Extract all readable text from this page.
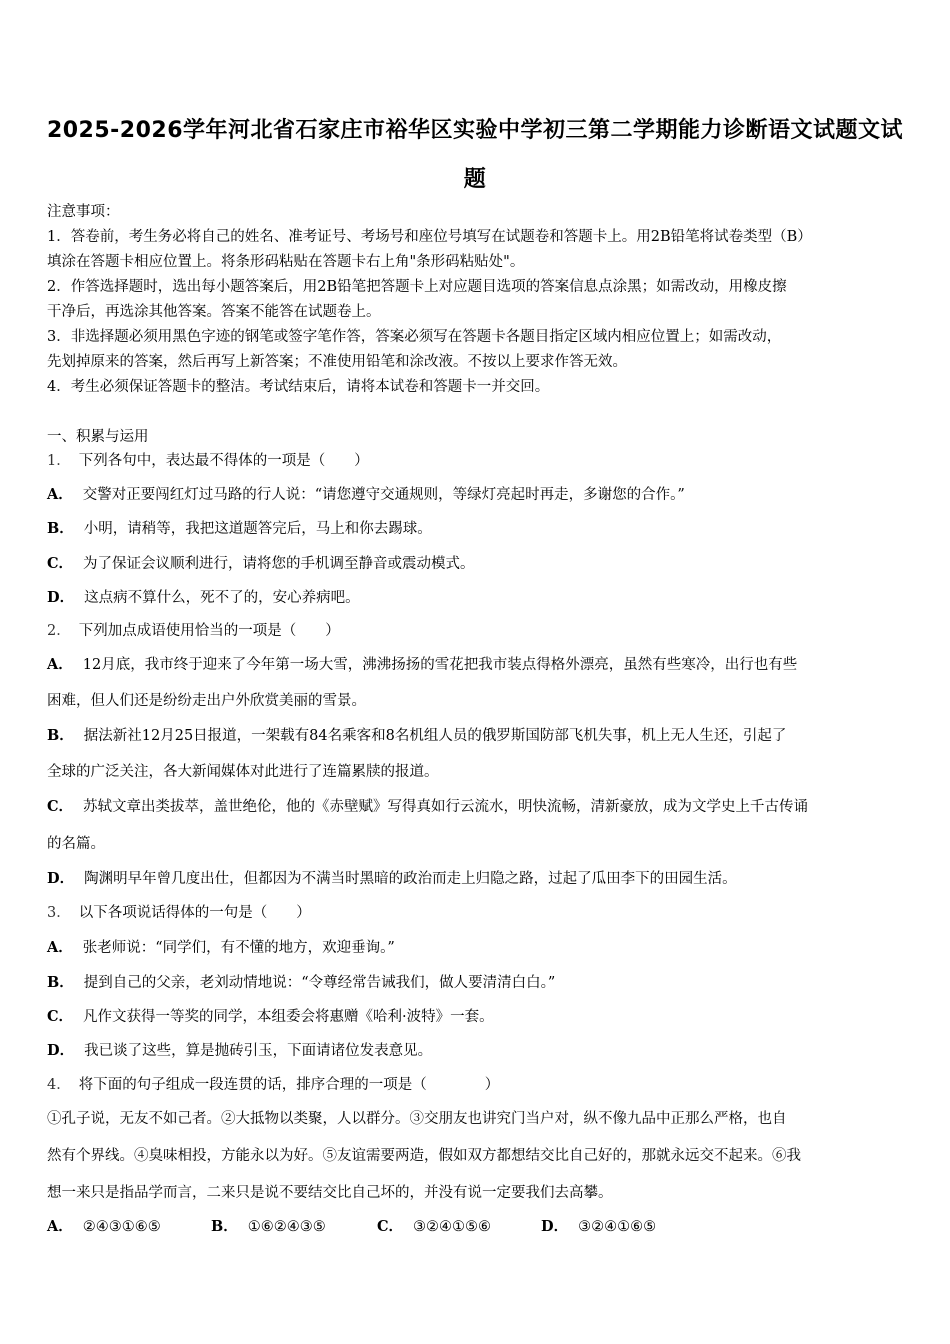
2025-2026学年河北省石家庄市裕华区实验中学初三第二学期能力诊断语文试题文试
题
注意事项：
1．答卷前，考生务必将自己的姓名、准考证号、考场号和座位号填写在试题卷和答题卡上。用2B铅笔将试卷类型（B）
填涂在答题卡相应位置上。将条形码粘贴在答题卡右上角"条形码粘贴处"。
2．作答选择题时，选出每小题答案后，用2B铅笔把答题卡上对应题目选项的答案信息点涂黑；如需改动，用橡皮擦
干净后，再选涂其他答案。答案不能答在试题卷上。
3．非选择题必须用黑色字迹的钢笔或签字笔作答，答案必须写在答题卡各题目指定区域内相应位置上；如需改动，
先划掉原来的答案，然后再写上新答案；不准使用铅笔和涂改液。不按以上要求作答无效。
4．考生必须保证答题卡的整洁。考试结束后，请将本试卷和答题卡一并交回。
一、积累与运用
1． 下列各句中，表达最不得体的一项是（　　）
A． 交警对正要闯红灯过马路的行人说：“请您遵守交通规则，等绿灯亮起时再走，多谢您的合作。”
B． 小明，请稍等，我把这道题答完后，马上和你去踢球。
C． 为了保证会议顺利进行，请将您的手机调至静音或震动模式。
D． 这点病不算什么，死不了的，安心养病吧。
2． 下列加点成语使用恰当的一项是（　　）
A． 12月底，我市终于迎来了今年第一场大雪，沸沸扬扬的雪花把我市装点得格外漂亮，虽然有些寒冷，出行也有些
困难，但人们还是纷纷走出户外欣赏美丽的雪景。
B． 据法新社12月25日报道，一架载有84名乘客和8名机组人员的俄罗斯国防部飞机失事，机上无人生还，引起了
全球的广泛关注，各大新闻媒体对此进行了连篇累牍的报道。
C． 苏轼文章出类拔萃，盖世绝伦，他的《赤壁赋》写得真如行云流水，明快流畅，清新豪放，成为文学史上千古传诵
的名篇。
D． 陶渊明早年曾几度出仕，但都因为不满当时黑暗的政治而走上归隐之路，过起了瓜田李下的田园生活。
3． 以下各项说话得体的一句是（　　）
A． 张老师说：“同学们，有不懂的地方，欢迎垂询。”
B． 提到自己的父亲，老刘动情地说：“令尊经常告诫我们，做人要清清白白。”
C． 凡作文获得一等奖的同学，本组委会将惠赠《哈利·波特》一套。
D． 我已谈了这些，算是抛砖引玉，下面请诸位发表意见。
4． 将下面的句子组成一段连贯的话，排序合理的一项是（　　　　）
①孔子说，无友不如己者。②大抵物以类聚，人以群分。③交朋友也讲究门当户对，纵不像九品中正那么严格，也自
然有个界线。④臭味相投，方能永以为好。⑤友谊需要两造，假如双方都想结交比自己好的，那就永远交不起来。⑥我
想一来只是指品学而言，二来只是说不要结交比自己坏的，并没有说一定要我们去高攀。
A． ②④③①⑥⑤	B． ①⑥②④③⑤	C． ③②④①⑤⑥	D． ③②④①⑥⑤
